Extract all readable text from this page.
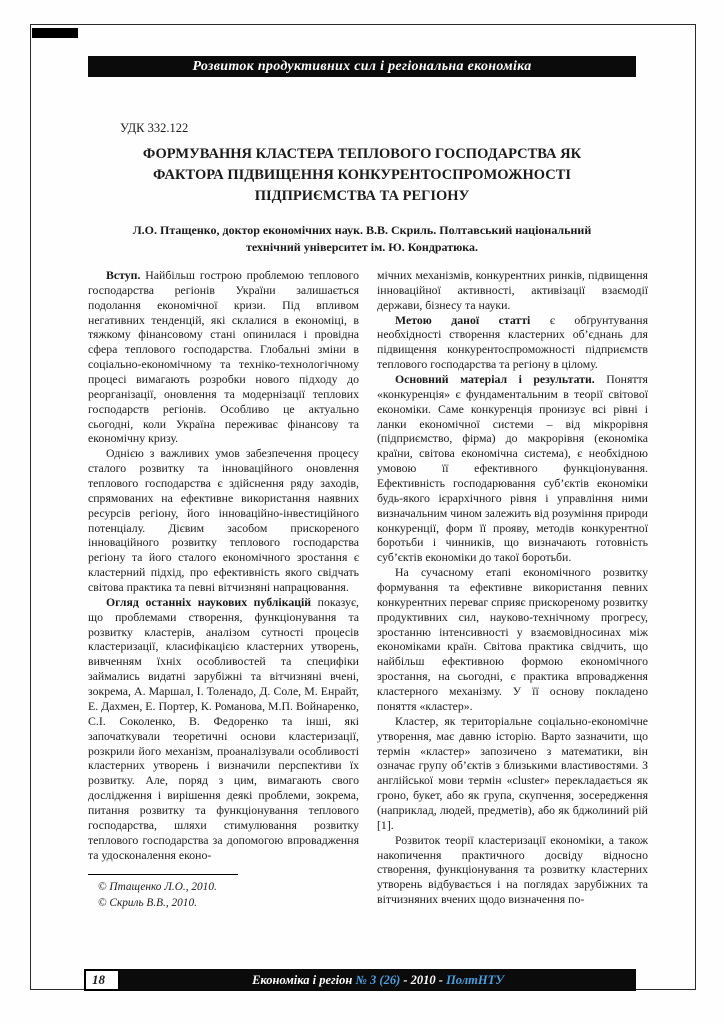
Розвиток продуктивних сил і регіональна економіка
УДК 332.122
ФОРМУВАННЯ КЛАСТЕРА ТЕПЛОВОГО ГОСПОДАРСТВА ЯК ФАКТОРА ПІДВИЩЕННЯ КОНКУРЕНТОСПРОМОЖНОСТІ ПІДПРИЄМСТВА ТА РЕГІОНУ
Л.О. Птащенко, доктор економічних наук. В.В. Скриль. Полтавський національний технічний університет ім. Ю. Кондратюка.

Вступ. Найбільш гострою проблемою теплового господарства регіонів України залишається подолання економічної кризи. Під впливом негативних тенденцій, які склалися в економіці, в тяжкому фінансовому стані опинилася і провідна сфера теплового господарства. Глобальні зміни в соціально-економічному та техніко-технологічному процесі вимагають розробки нового підходу до реорганізації, оновлення та модернізації теплових господарств регіонів. Особливо це актуально сьогодні, коли Україна переживає фінансову та економічну кризу.

Однією з важливих умов забезпечення процесу сталого розвитку та інноваційного оновлення теплового господарства є здійснення ряду заходів, спрямованих на ефективне використання наявних ресурсів регіону, його інноваційно-інвестиційного потенціалу. Дієвим засобом прискореного інноваційного розвитку теплового господарства регіону та його сталого економічного зростання є кластерний підхід, про ефективність якого свідчать світова практика та певні вітчизняні напрацювання.

Огляд останніх наукових публікацій показує, що проблемами створення, функціонування та розвитку кластерів, аналізом сутності процесів кластеризації, класифікацією кластерних утворень, вивченням їхніх особливостей та специфіки займались видатні зарубіжні та вітчизняні вчені, зокрема, А. Маршал, І. Толенадо, Д. Соле, М. Енрайт, Е. Дахмен, Е. Портер, К. Романова, М.П. Войнаренко, С.І. Соколенко, В. Федоренко та інші, які започаткували теоретичні основи кластеризації, розкрили його механізм, проаналізували особливості кластерних утворень і визначили перспективи їх розвитку. Але, поряд з цим, вимагають свого дослідження і вирішення деякі проблеми, зокрема, питання розвитку та функціонування теплового господарства, шляхи стимулювання розвитку теплового господарства за допомогою впровадження та удосконалення еконо-

© Птащенко Л.О., 2010.
© Скриль В.В., 2010.

мічних механізмів, конкурентних ринків, підвищення інноваційної активності, активізації взаємодії держави, бізнесу та науки.

Метою даної статті є обґрунтування необхідності створення кластерних об’єднань для підвищення конкурентоспроможності підприємств теплового господарства та регіону в цілому.

Основний матеріал і результати. Поняття «конкуренція» є фундаментальним в теорії світової економіки. Саме конкуренція пронизує всі рівні і ланки економічної системи – від мікрорівня (підприємство, фірма) до макрорівня (економіка країни, світова економічна система), є необхідною умовою її ефективного функціонування. Ефективність господарювання суб’єктів економіки будь-якого ієрархічного рівня і управління ними визначальним чином залежить від розуміння природи конкуренції, форм її прояву, методів конкурентної боротьби і чинників, що визначають готовність суб’єктів економіки до такої боротьби.

На сучасному етапі економічного розвитку формування та ефективне використання певних конкурентних переваг сприяє прискореному розвитку продуктивних сил, науково-технічному прогресу, зростанню інтенсивності у взаємовідносинах між економіками країн. Світова практика свідчить, що найбільш ефективною формою економічного зростання, на сьогодні, є практика впровадження кластерного механізму. У її основу покладено поняття «кластер».

Кластер, як територіальне соціально-економічне утворення, має давню історію. Варто зазначити, що термін «кластер» запозичено з математики, він означає групу об’єктів з близькими властивостями. З англійської мови термін «cluster» перекладається як гроно, букет, або як група, скупчення, зосередження (наприклад, людей, предметів), або як бджолиний рій [1].

Розвиток теорії кластеризації економіки, а також накопичення практичного досвіду відносно створення, функціонування та розвитку кластерних утворень відбувається і на поглядах зарубіжних та вітчизняних вчених щодо визначення по-

18	Економіка і регіон № 3 (26) - 2010 - ПолтНТУ
